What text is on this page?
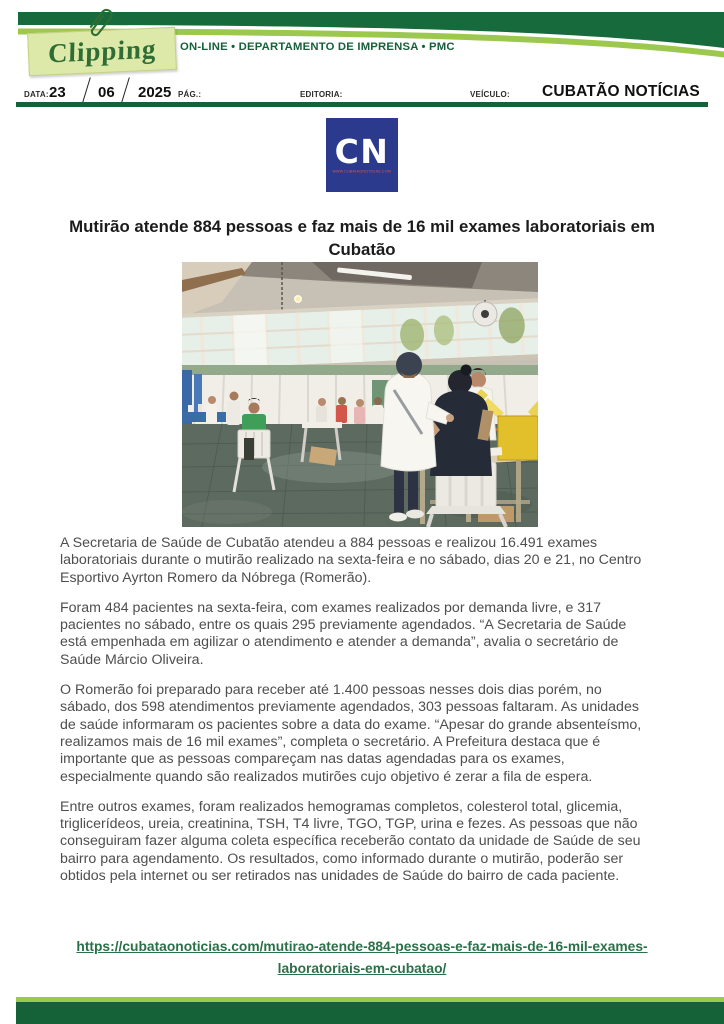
Clipping ON-LINE • DEPARTAMENTO DE IMPRENSA • PMC
DATA: 23 06 2025 PÁG.:	EDITORIA:	VEÍCULO: CUBATÃO NOTÍCIAS
CN
WWW.CUBATAONOTICIAS.COM
Mutirão atende 884 pessoas e faz mais de 16 mil exames laboratoriais em Cubatão

A Secretaria de Saúde de Cubatão atendeu a 884 pessoas e realizou 16.491 exames laboratoriais durante o mutirão realizado na sexta-feira e no sábado, dias 20 e 21, no Centro Esportivo Ayrton Romero da Nóbrega (Romerão).

Foram 484 pacientes na sexta-feira, com exames realizados por demanda livre, e 317 pacientes no sábado, entre os quais 295 previamente agendados. “A Secretaria de Saúde está empenhada em agilizar o atendimento e atender a demanda”, avalia o secretário de Saúde Márcio Oliveira.

O Romerão foi preparado para receber até 1.400 pessoas nesses dois dias porém, no sábado, dos 598 atendimentos previamente agendados, 303 pessoas faltaram. As unidades de saúde informaram os pacientes sobre a data do exame. “Apesar do grande absenteísmo, realizamos mais de 16 mil exames”, completa o secretário. A Prefeitura destaca que é importante que as pessoas compareçam nas datas agendadas para os exames, especialmente quando são realizados mutirões cujo objetivo é zerar a fila de espera.

Entre outros exames, foram realizados hemogramas completos, colesterol total, glicemia, triglicerídeos, ureia, creatinina, TSH, T4 livre, TGO, TGP, urina e fezes. As pessoas que não conseguiram fazer alguma coleta específica receberão contato da unidade de Saúde de seu bairro para agendamento. Os resultados, como informado durante o mutirão, poderão ser obtidos pela internet ou ser retirados nas unidades de Saúde do bairro de cada paciente.

https://cubataonoticias.com/mutirao-atende-884-pessoas-e-faz-mais-de-16-mil-exames-laboratoriais-em-cubatao/
